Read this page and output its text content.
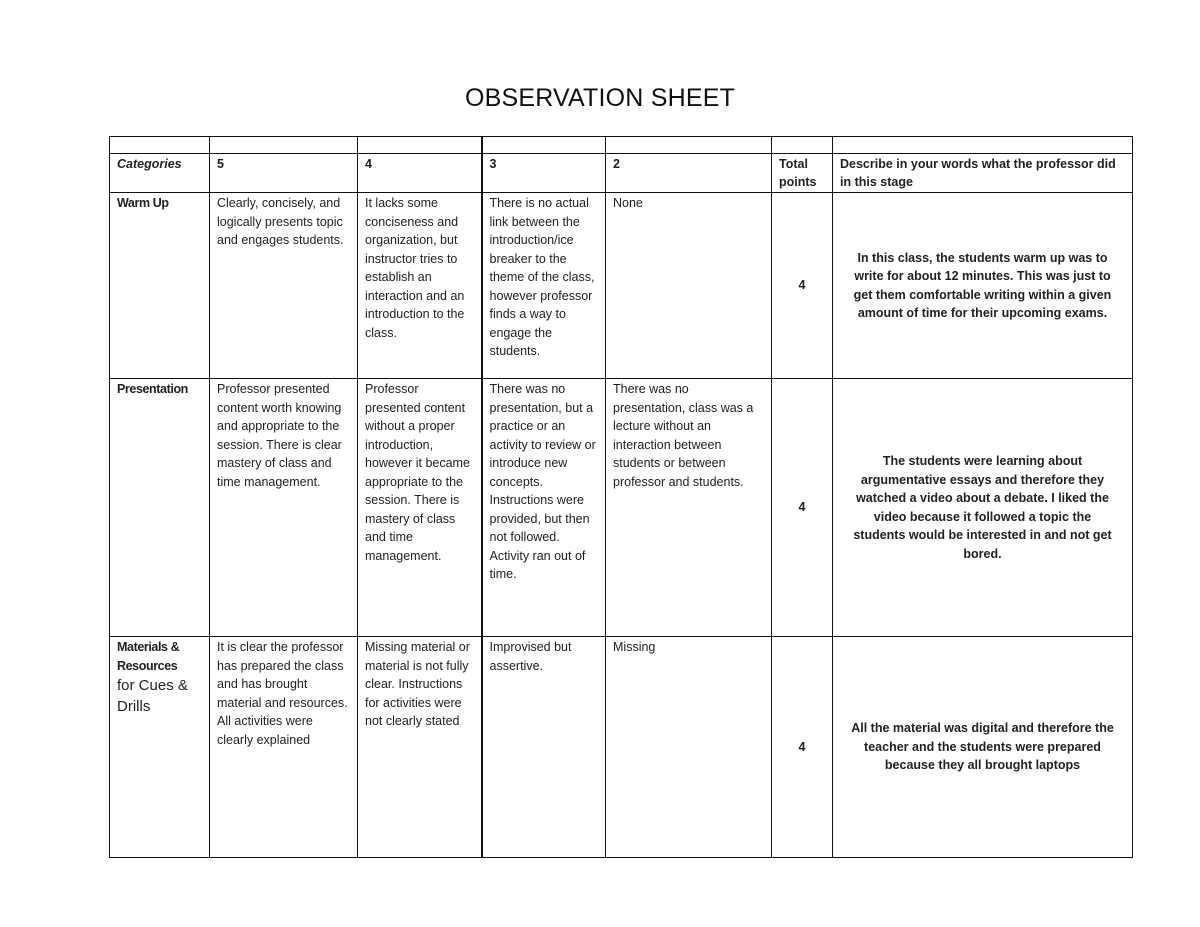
OBSERVATION SHEET

Categories	5	4	3	2	Total points	Describe in your words what the professor did in this stage
Warm Up	Clearly, concisely, and logically presents topic and engages students.	It lacks some conciseness and organization, but instructor tries to establish an interaction and an introduction to the class.	There is no actual link between the introduction/ice breaker to the theme of the class, however professor finds a way to engage the students.	None	4	In this class, the students warm up was to write for about 12 minutes. This was just to get them comfortable writing within a given amount of time for their upcoming exams.
Presentation	Professor presented content worth knowing and appropriate to the session. There is clear mastery of class and time management.	Professor presented content without a proper introduction, however it became appropriate to the session. There is mastery of class and time management.	There was no presentation, but a practice or an activity to review or introduce new concepts. Instructions were provided, but then not followed. Activity ran out of time.	There was no presentation, class was a lecture without an interaction between students or between professor and students.	4	The students were learning about argumentative essays and therefore they watched a video about a debate. I liked the video because it followed a topic the students would be interested in and not get bored.
Materials & Resources
for Cues & Drills	It is clear the professor has prepared the class and has brought material and resources. All activities were clearly explained	Missing material or material is not fully clear. Instructions for activities were not clearly stated	Improvised but assertive.	Missing	4	All the material was digital and therefore the teacher and the students were prepared because they all brought laptops
